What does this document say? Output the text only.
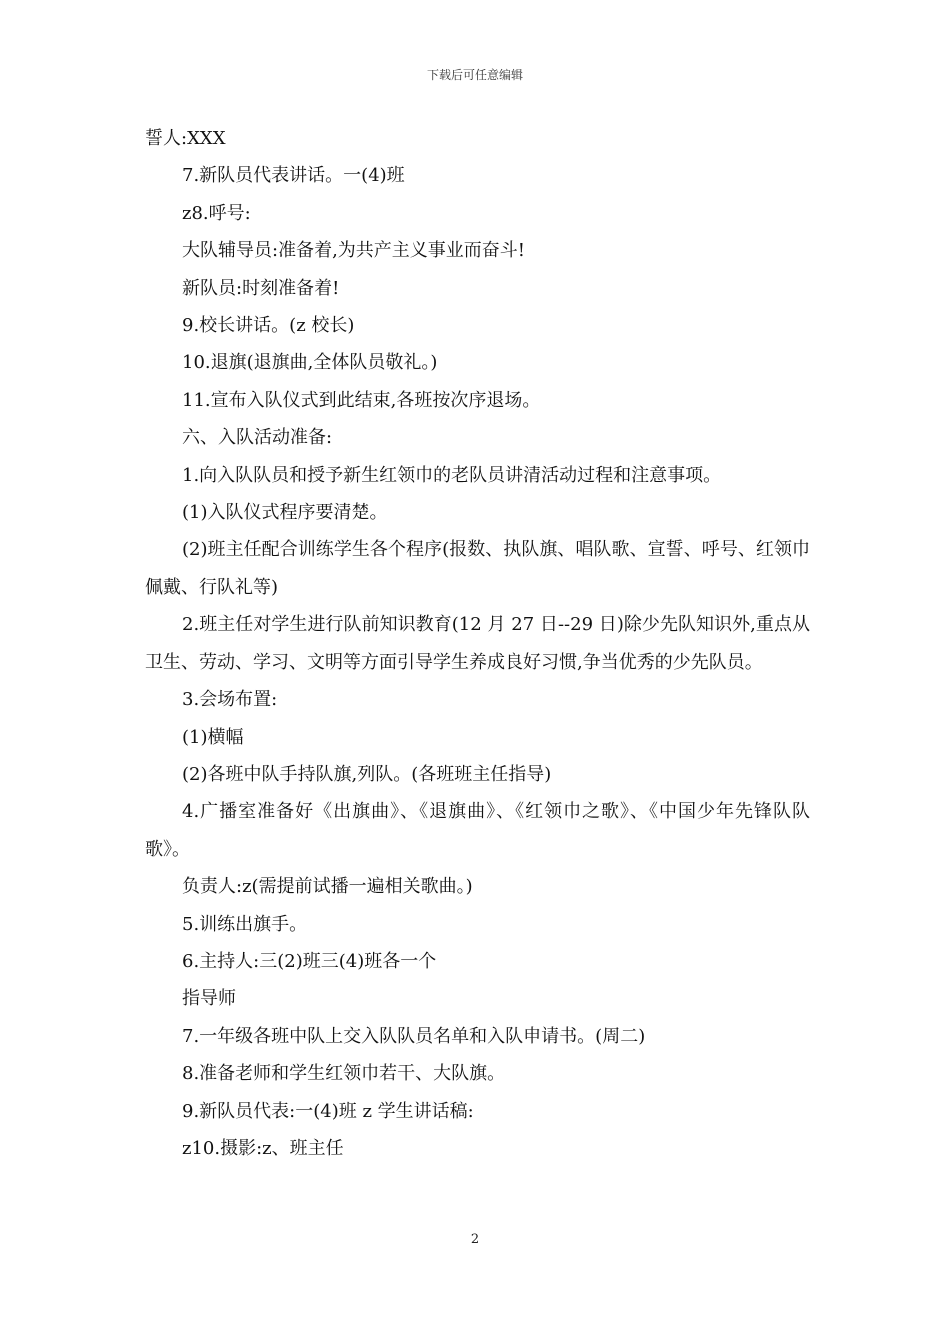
下载后可任意编辑

誓人:XXX

7.新队员代表讲话。一(4)班

z8.呼号:

大队辅导员:准备着,为共产主义事业而奋斗!

新队员:时刻准备着!

9.校长讲话。(z 校长)

10.退旗(退旗曲,全体队员敬礼。)

11.宣布入队仪式到此结束,各班按次序退场。

六、入队活动准备:

1.向入队队员和授予新生红领巾的老队员讲清活动过程和注意事项。

(1)入队仪式程序要清楚。

(2)班主任配合训练学生各个程序(报数、执队旗、唱队歌、宣誓、呼号、红领巾佩戴、行队礼等)

2.班主任对学生进行队前知识教育(12 月 27 日--29 日)除少先队知识外,重点从卫生、劳动、学习、文明等方面引导学生养成良好习惯,争当优秀的少先队员。

3.会场布置:

(1)横幅

(2)各班中队手持队旗,列队。(各班班主任指导)

4.广播室准备好《出旗曲》、《退旗曲》、《红领巾之歌》、《中国少年先锋队队歌》。

负责人:z(需提前试播一遍相关歌曲。)

5.训练出旗手。

6.主持人:三(2)班三(4)班各一个

指导师

7.一年级各班中队上交入队队员名单和入队申请书。(周二)

8.准备老师和学生红领巾若干、大队旗。

9.新队员代表:一(4)班 z 学生讲话稿:

z10.摄影:z、班主任

2
